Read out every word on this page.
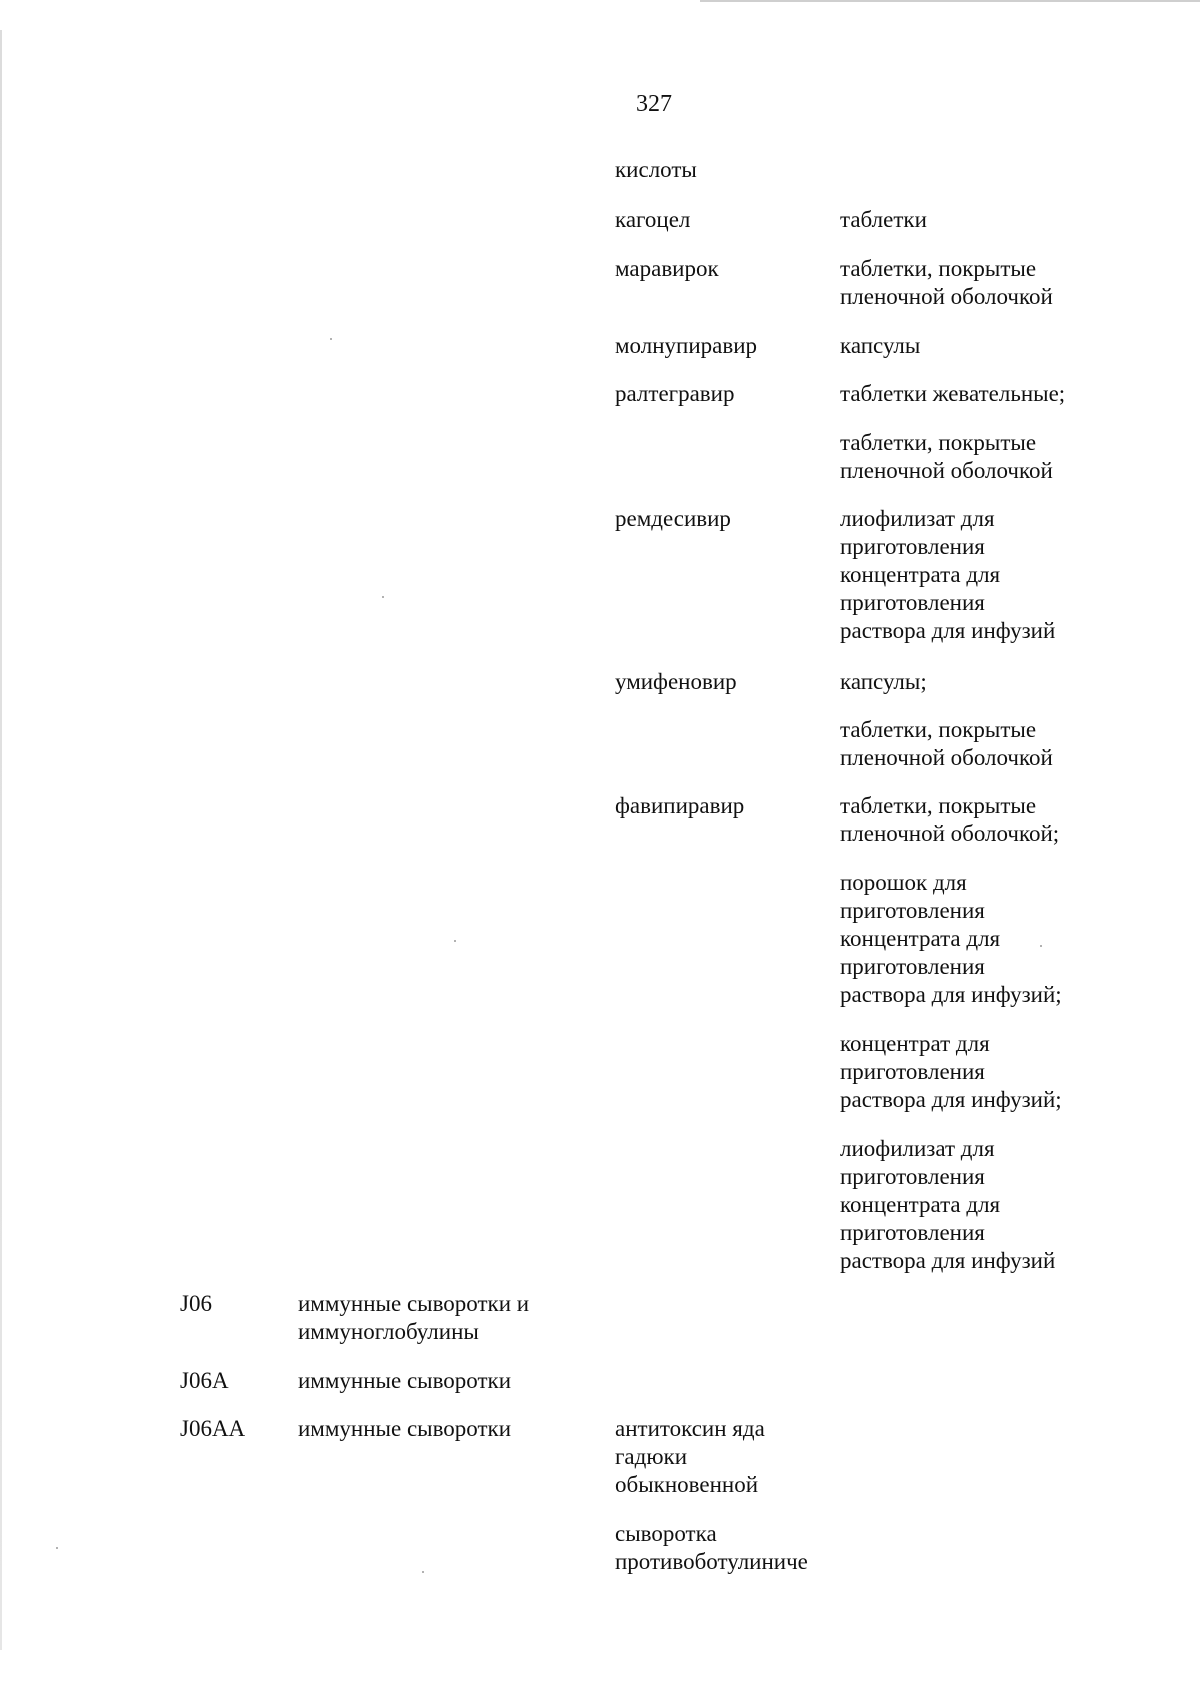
327
кислоты
кагоцел	таблетки
маравирок	таблетки, покрытые
пленочной оболочкой
молнупиравир	капсулы
ралтегравир	таблетки жевательные;
таблетки, покрытые
пленочной оболочкой
ремдесивир	лиофилизат для
приготовления
концентрата для
приготовления
раствора для инфузий
умифеновир	капсулы;
таблетки, покрытые
пленочной оболочкой
фавипиравир	таблетки, покрытые
пленочной оболочкой;
порошок для
приготовления
концентрата для
приготовления
раствора для инфузий;
концентрат для
приготовления
раствора для инфузий;
лиофилизат для
приготовления
концентрата для
приготовления
раствора для инфузий
J06	иммунные сыворотки и
иммуноглобулины
J06A	иммунные сыворотки
J06AA	иммунные сыворотки	антитоксин яда
гадюки
обыкновенной
сыворотка
противоботулиниче
